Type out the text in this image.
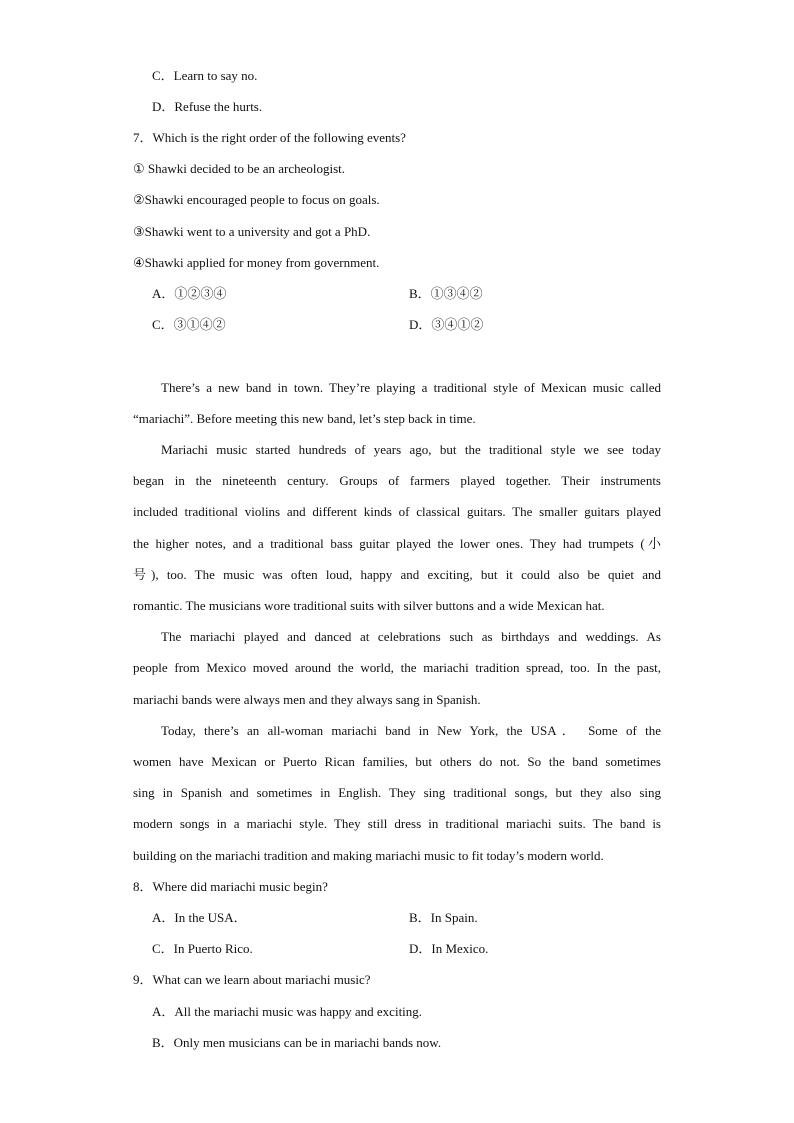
C．Learn to say no.
D．Refuse the hurts.
7．Which is the right order of the following events?
① Shawki decided to be an archeologist.
②Shawki encouraged people to focus on goals.
③Shawki went to a university and got a PhD.
④Shawki applied for money from government.
A．①②③④	B．①③④②
C．③①④②	D．③④①②
There’s a new band in town. They’re playing a traditional style of Mexican music called
“mariachi”. Before meeting this new band, let’s step back in time.
Mariachi music started hundreds of years ago, but the traditional style we see today
began in the nineteenth century. Groups of farmers played together. Their instruments
included traditional violins and different kinds of classical guitars. The smaller guitars played
the higher notes, and a traditional bass guitar played the lower ones. They had trumpets (小
号), too. The music was often loud, happy and exciting, but it could also be quiet and
romantic. The musicians wore traditional suits with silver buttons and a wide Mexican hat.
The mariachi played and danced at celebrations such as birthdays and weddings. As
people from Mexico moved around the world, the mariachi tradition spread, too. In the past,
mariachi bands were always men and they always sang in Spanish.
Today, there’s an all-woman mariachi band in New York, the USA． Some of the
women have Mexican or Puerto Rican families, but others do not. So the band sometimes
sing in Spanish and sometimes in English. They sing traditional songs, but they also sing
modern songs in a mariachi style. They still dress in traditional mariachi suits. The band is
building on the mariachi tradition and making mariachi music to fit today’s modern world.
8．Where did mariachi music begin?
A．In the USA．	B．In Spain.
C．In Puerto Rico.	D．In Mexico.
9．What can we learn about mariachi music?
A．All the mariachi music was happy and exciting.
B．Only men musicians can be in mariachi bands now.
